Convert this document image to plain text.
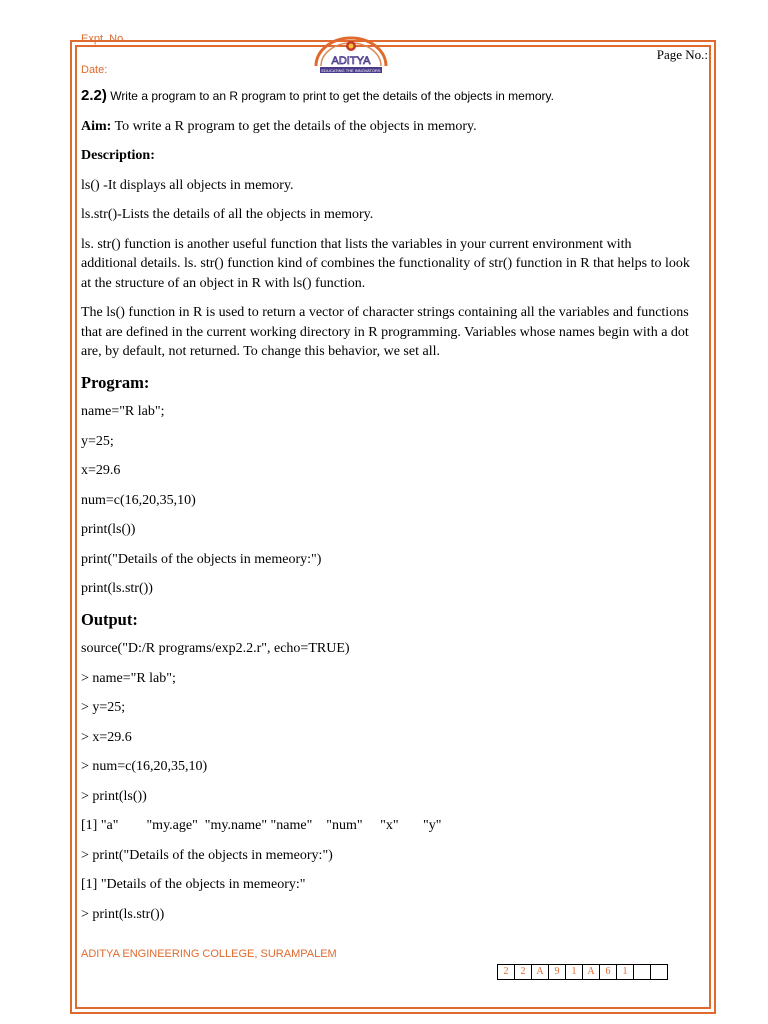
Expt. No.
Date:
Page No.:
ADITYA
EDUCATING THE INNOVATORS

2.2) Write a program to an R program to print to get the details of the objects in memory.

Aim: To write a R program to get the details of the objects in memory.

Description:

ls() -It displays all objects in memory.

ls.str()-Lists the details of all the objects in memory.

ls. str() function is another useful function that lists the variables in your current environment with additional details. ls. str() function kind of combines the functionality of str() function in R that helps to look at the structure of an object in R with ls() function.

The ls() function in R is used to return a vector of character strings containing all the variables and functions that are defined in the current working directory in R programming. Variables whose names begin with a dot are, by default, not returned. To change this behavior, we set all.

Program:

name="R lab";

y=25;

x=29.6

num=c(16,20,35,10)

print(ls())

print("Details of the objects in memeory:")

print(ls.str())

Output:

source("D:/R programs/exp2.2.r", echo=TRUE)

> name="R lab";

> y=25;

> x=29.6

> num=c(16,20,35,10)

> print(ls())

[1] "a"        "my.age"  "my.name" "name"    "num"     "x"       "y"

> print("Details of the objects in memeory:")

[1] "Details of the objects in memeory:"

> print(ls.str())

ADITYA ENGINEERING COLLEGE, SURAMPALEM
2	2	A	9	1	A	6	1
